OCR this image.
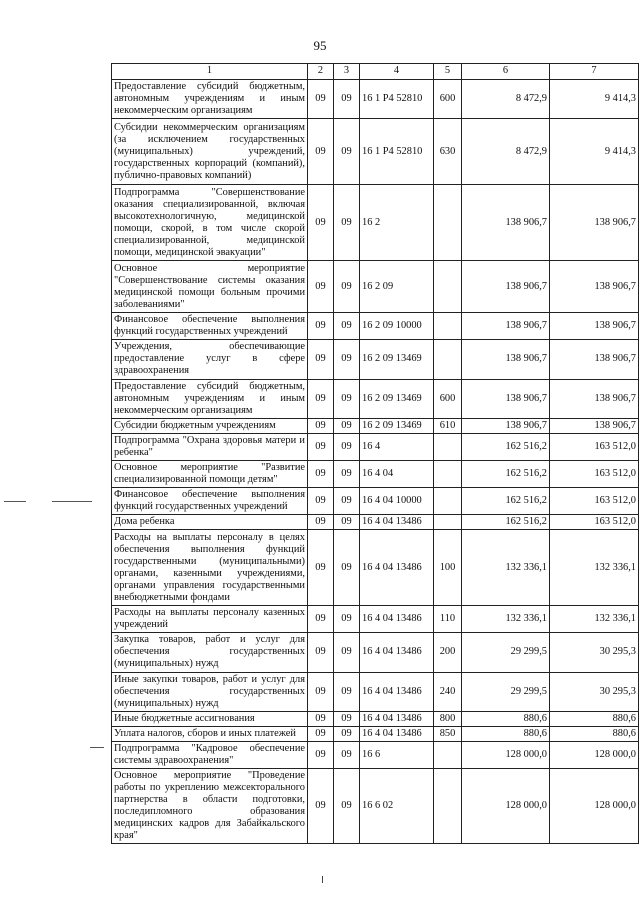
95
1	2	3	4	5	6	7
Предоставление субсидий бюджетным, автономным учреждениям и иным некоммерческим организациям	09	09	16 1 Р4 52810	600	8 472,9	9 414,3
Субсидии некоммерческим организациям (за исключением государственных (муниципальных) учреждений, государственных корпораций (компаний), публично-правовых компаний)	09	09	16 1 Р4 52810	630	8 472,9	9 414,3
Подпрограмма "Совершенствование оказания специализированной, включая высокотехнологичную, медицинской помощи, скорой, в том числе скорой специализированной, медицинской помощи, медицинской эвакуации"	09	09	16 2		138 906,7	138 906,7
Основное мероприятие "Совершенствование системы оказания медицинской помощи больным прочими заболеваниями"	09	09	16 2 09		138 906,7	138 906,7
Финансовое обеспечение выполнения функций государственных учреждений	09	09	16 2 09 10000		138 906,7	138 906,7
Учреждения, обеспечивающие предоставление услуг в сфере здравоохранения	09	09	16 2 09 13469		138 906,7	138 906,7
Предоставление субсидий бюджетным, автономным учреждениям и иным некоммерческим организациям	09	09	16 2 09 13469	600	138 906,7	138 906,7
Субсидии бюджетным учреждениям	09	09	16 2 09 13469	610	138 906,7	138 906,7
Подпрограмма "Охрана здоровья матери и ребенка"	09	09	16 4		162 516,2	163 512,0
Основное мероприятие "Развитие специализированной помощи детям"	09	09	16 4 04		162 516,2	163 512,0
Финансовое обеспечение выполнения функций государственных учреждений	09	09	16 4 04 10000		162 516,2	163 512,0
Дома ребенка	09	09	16 4 04 13486		162 516,2	163 512,0
Расходы на выплаты персоналу в целях обеспечения выполнения функций государственными (муниципальными) органами, казенными учреждениями, органами управления государственными внебюджетными фондами	09	09	16 4 04 13486	100	132 336,1	132 336,1
Расходы на выплаты персоналу казенных учреждений	09	09	16 4 04 13486	110	132 336,1	132 336,1
Закупка товаров, работ и услуг для обеспечения государственных (муниципальных) нужд	09	09	16 4 04 13486	200	29 299,5	30 295,3
Иные закупки товаров, работ и услуг для обеспечения государственных (муниципальных) нужд	09	09	16 4 04 13486	240	29 299,5	30 295,3
Иные бюджетные ассигнования	09	09	16 4 04 13486	800	880,6	880,6
Уплата налогов, сборов и иных платежей	09	09	16 4 04 13486	850	880,6	880,6
Подпрограмма "Кадровое обеспечение системы здравоохранения"	09	09	16 6		128 000,0	128 000,0
Основное мероприятие "Проведение работы по укреплению межсекторального партнерства в области подготовки, последипломного образования медицинских кадров для Забайкальского края"	09	09	16 6 02		128 000,0	128 000,0
